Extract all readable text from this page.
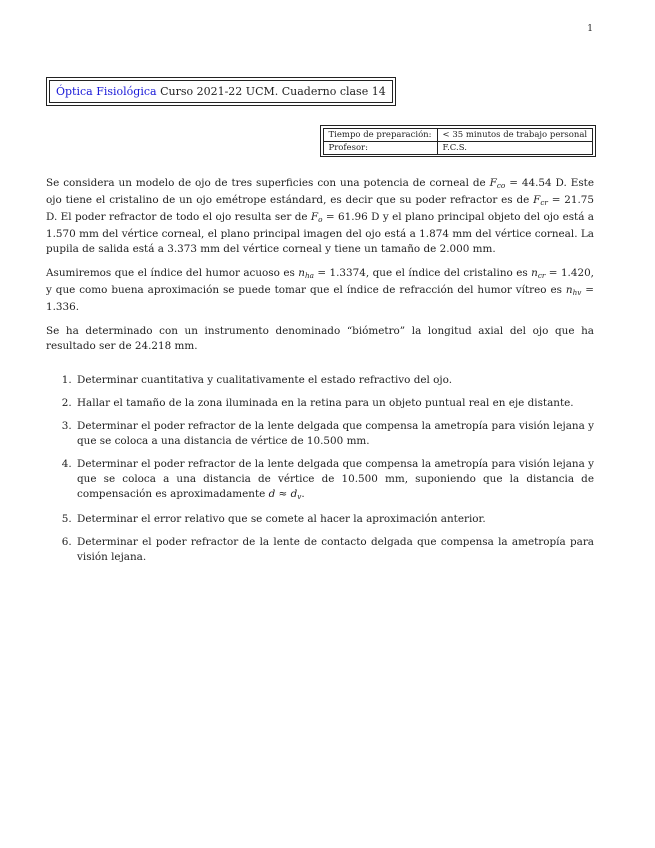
1
Óptica Fisiológica Curso 2021-22 UCM. Cuaderno clase 14
Tiempo de preparación:	< 35 minutos de trabajo personal
Profesor:	F.C.S.

Se considera un modelo de ojo de tres superficies con una potencia de corneal de $F_{co} = 44.54$ D. Este ojo tiene el cristalino de un ojo emétrope estándard, es decir que su poder refractor es de $F_{cr} = 21.75$ D. El poder refractor de todo el ojo resulta ser de $F_o = 61.96$ D y el plano principal objeto del ojo está a 1.570 mm del vértice corneal, el plano principal imagen del ojo está a 1.874 mm del vértice corneal. La pupila de salida está a 3.373 mm del vértice corneal y tiene un tamaño de 2.000 mm.

Asumiremos que el índice del humor acuoso es $n_{ha} = 1.3374$, que el índice del cristalino es $n_{cr} = 1.420$, y que como buena aproximación se puede tomar que el índice de refracción del humor vítreo es $n_{hv} = 1.336$.

Se ha determinado con un instrumento denominado “biómetro” la longitud axial del ojo que ha resultado ser de 24.218 mm.

1. Determinar cuantitativa y cualitativamente el estado refractivo del ojo.
2. Hallar el tamaño de la zona iluminada en la retina para un objeto puntual real en eje distante.
3. Determinar el poder refractor de la lente delgada que compensa la ametropía para visión lejana y que se coloca a una distancia de vértice de 10.500 mm.
4. Determinar el poder refractor de la lente delgada que compensa la ametropía para visión lejana y que se coloca a una distancia de vértice de 10.500 mm, suponiendo que la distancia de compensación es aproximadamente $d \approx d_v$.
5. Determinar el error relativo que se comete al hacer la aproximación anterior.
6. Determinar el poder refractor de la lente de contacto delgada que compensa la ametropía para visión lejana.
